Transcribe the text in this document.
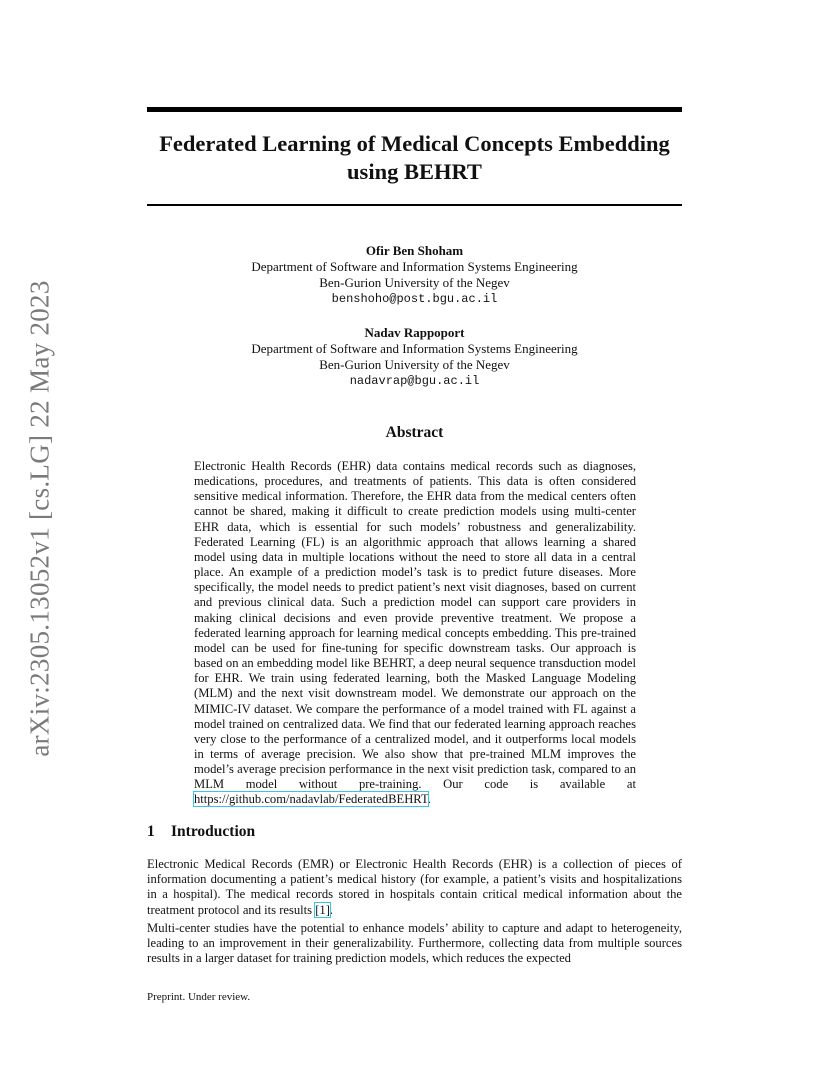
arXiv:2305.13052v1 [cs.LG] 22 May 2023
Federated Learning of Medical Concepts Embedding using BEHRT
Ofir Ben Shoham
Department of Software and Information Systems Engineering
Ben-Gurion University of the Negev
benshoho@post.bgu.ac.il
Nadav Rappoport
Department of Software and Information Systems Engineering
Ben-Gurion University of the Negev
nadavrap@bgu.ac.il
Abstract

Electronic Health Records (EHR) data contains medical records such as diagnoses, medications, procedures, and treatments of patients. This data is often considered sensitive medical information. Therefore, the EHR data from the medical centers often cannot be shared, making it difficult to create prediction models using multi-center EHR data, which is essential for such models’ robustness and generalizability. Federated Learning (FL) is an algorithmic approach that allows learning a shared model using data in multiple locations without the need to store all data in a central place. An example of a prediction model’s task is to predict future diseases. More specifically, the model needs to predict patient’s next visit diagnoses, based on current and previous clinical data. Such a prediction model can support care providers in making clinical decisions and even provide preventive treatment. We propose a federated learning approach for learning medical concepts embedding. This pre-trained model can be used for fine-tuning for specific downstream tasks. Our approach is based on an embedding model like BEHRT, a deep neural sequence transduction model for EHR. We train using federated learning, both the Masked Language Modeling (MLM) and the next visit downstream model. We demonstrate our approach on the MIMIC-IV dataset. We compare the performance of a model trained with FL against a model trained on centralized data. We find that our federated learning approach reaches very close to the performance of a centralized model, and it outperforms local models in terms of average precision. We also show that pre-trained MLM improves the model’s average precision performance in the next visit prediction task, compared to an MLM model without pre-training. Our code is available at https://github.com/nadavlab/FederatedBEHRT.

1 Introduction

Electronic Medical Records (EMR) or Electronic Health Records (EHR) is a collection of pieces of information documenting a patient’s medical history (for example, a patient’s visits and hospitalizations in a hospital). The medical records stored in hospitals contain critical medical information about the treatment protocol and its results [1].

Multi-center studies have the potential to enhance models’ ability to capture and adapt to heterogeneity, leading to an improvement in their generalizability. Furthermore, collecting data from multiple sources results in a larger dataset for training prediction models, which reduces the expected

Preprint. Under review.
